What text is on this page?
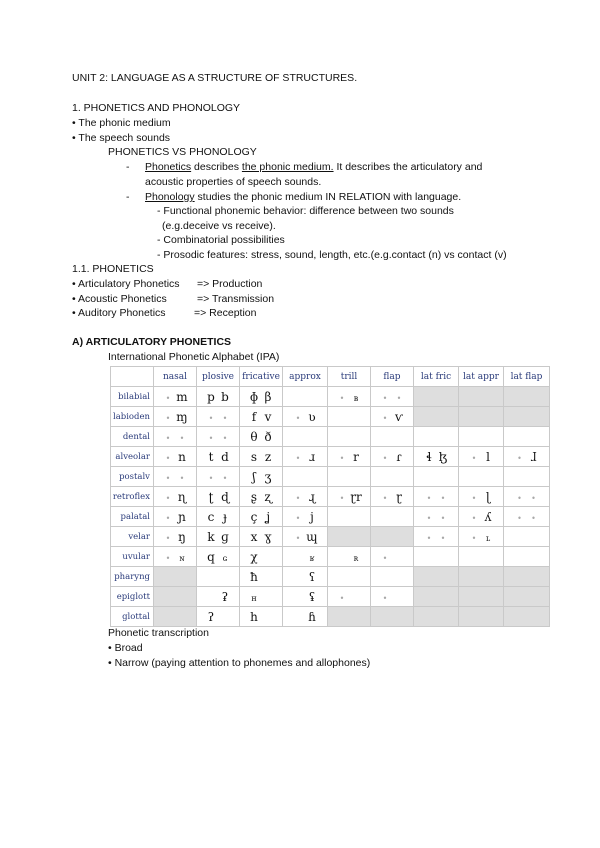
UNIT 2: LANGUAGE AS A STRUCTURE OF STRUCTURES.
1. PHONETICS AND PHONOLOGY
• The phonic medium
• The speech sounds
PHONETICS VS PHONOLOGY
- Phonetics describes the phonic medium. It describes the articulatory and
acoustic properties of speech sounds.
- Phonology studies the phonic medium IN RELATION with language.
- Functional phonemic behavior: difference between two sounds
(e.g.deceive vs receive).
- Combinatorial possibilities
- Prosodic features: stress, sound, length, etc.(e.g.contact (n) vs contact (v)
1.1. PHONETICS
• Articulatory Phonetics => Production
• Acoustic Phonetics	=> Transmission
• Auditory Phonetics	=> Reception
A) ARTICULATORY PHONETICS
International Phonetic Alphabet (IPA)
	nasal	plosive	fricative	approx	trill	flap	lat fric	lat appr	lat flap
bilabial	• m	p b	ɸ β		• ʙ	• •			
labioden	• ɱ	• •	f v	• ʋ		• ⱱ			
dental	• •	• •	θ ð						
alveolar	• n	t d	s z	• ɹ	• r	• ɾ	ɬ ɮ	• l	• ɺ
postalv	• •	• •	ʃ ʒ						
retroflex	• ɳ	ʈ ɖ	ʂ ʐ	• ɻ	• ɽr	• ɽ	• •	• ɭ	• •
palatal	• ɲ	c ɟ	ç ʝ	• j			• •	• ʎ	• •
velar	• ŋ	k ɡ	x ɣ	• ɰ			• •	• ʟ	
uvular	• ɴ	q ɢ	χ	ʁ	ʀ	•			
pharyng			ħ	ʕ					
epiglott		ʡ	ʜ	ʢ	•	•			
glottal		ʔ	h	ɦ					
Phonetic transcription
• Broad
• Narrow (paying attention to phonemes and allophones)
